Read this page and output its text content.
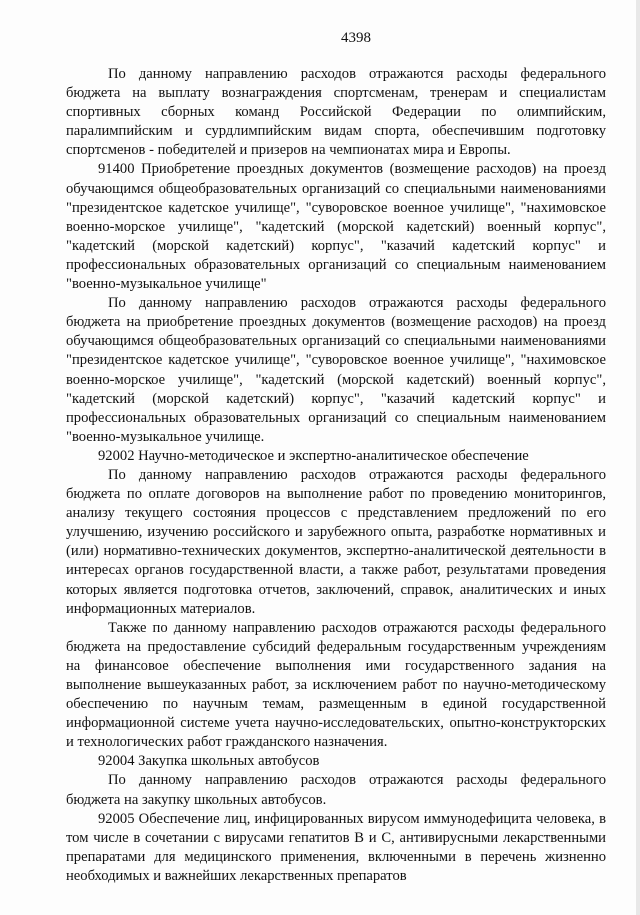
4398

По данному направлению расходов отражаются расходы федерального бюджета на выплату вознаграждения спортсменам, тренерам и специалистам спортивных сборных команд Российской Федерации по олимпийским, паралимпийским и сурдлимпийским видам спорта, обеспечившим подготовку спортсменов - победителей и призеров на чемпионатах мира и Европы.

91400 Приобретение проездных документов (возмещение расходов) на проезд обучающимся общеобразовательных организаций со специальными наименованиями "президентское кадетское училище", "суворовское военное училище", "нахимовское военно-морское училище", "кадетский (морской кадетский) военный корпус", "кадетский (морской кадетский) корпус", "казачий кадетский корпус" и профессиональных образовательных организаций со специальным наименованием "военно-музыкальное училище"

По данному направлению расходов отражаются расходы федерального бюджета на приобретение проездных документов (возмещение расходов) на проезд обучающимся общеобразовательных организаций со специальными наименованиями "президентское кадетское училище", "суворовское военное училище", "нахимовское военно-морское училище", "кадетский (морской кадетский) военный корпус", "кадетский (морской кадетский) корпус", "казачий кадетский корпус" и профессиональных образовательных организаций со специальным наименованием "военно-музыкальное училище.

92002 Научно-методическое и экспертно-аналитическое обеспечение

По данному направлению расходов отражаются расходы федерального бюджета по оплате договоров на выполнение работ по проведению мониторингов, анализу текущего состояния процессов с представлением предложений по его улучшению, изучению российского и зарубежного опыта, разработке нормативных и (или) нормативно-технических документов, экспертно-аналитической деятельности в интересах органов государственной власти, а также работ, результатами проведения которых является подготовка отчетов, заключений, справок, аналитических и иных информационных материалов.

Также по данному направлению расходов отражаются расходы федерального бюджета на предоставление субсидий федеральным государственным учреждениям на финансовое обеспечение выполнения ими государственного задания на выполнение вышеуказанных работ, за исключением работ по научно-методическому обеспечению по научным темам, размещенным в единой государственной информационной системе учета научно-исследовательских, опытно-конструкторских и технологических работ гражданского назначения.

92004 Закупка школьных автобусов

По данному направлению расходов отражаются расходы федерального бюджета на закупку школьных автобусов.

92005 Обеспечение лиц, инфицированных вирусом иммунодефицита человека, в том числе в сочетании с вирусами гепатитов В и С, антивирусными лекарственными препаратами для медицинского применения, включенными в перечень жизненно необходимых и важнейших лекарственных препаратов
